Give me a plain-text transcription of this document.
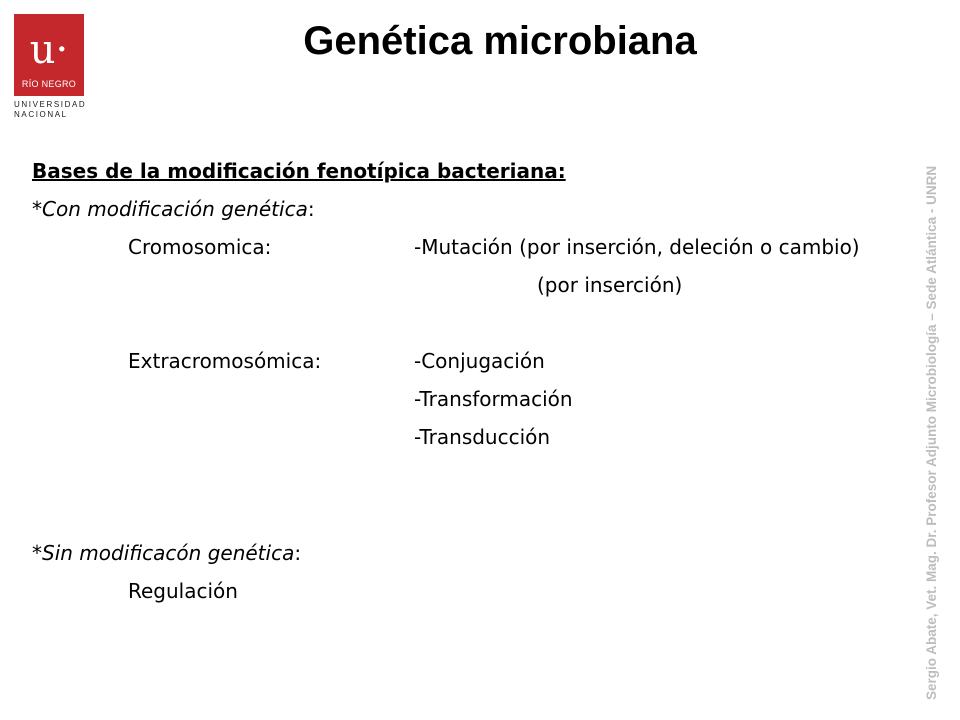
u·
RÍO NEGRO
UNIVERSIDAD
NACIONAL
Genética microbiana
Sergio Abate, Vet. Mag. Dr. Profesor Adjunto Microbiología – Sede Atlántica - UNRN
Bases de la modificación fenotípica bacteriana:
*Con modificación genética:
Cromosomica:	-Mutación (por inserción, deleción o cambio)
(por inserción)
Extracromosómica:	-Conjugación
-Transformación
-Transducción
*Sin modificacón genética:
Regulación
